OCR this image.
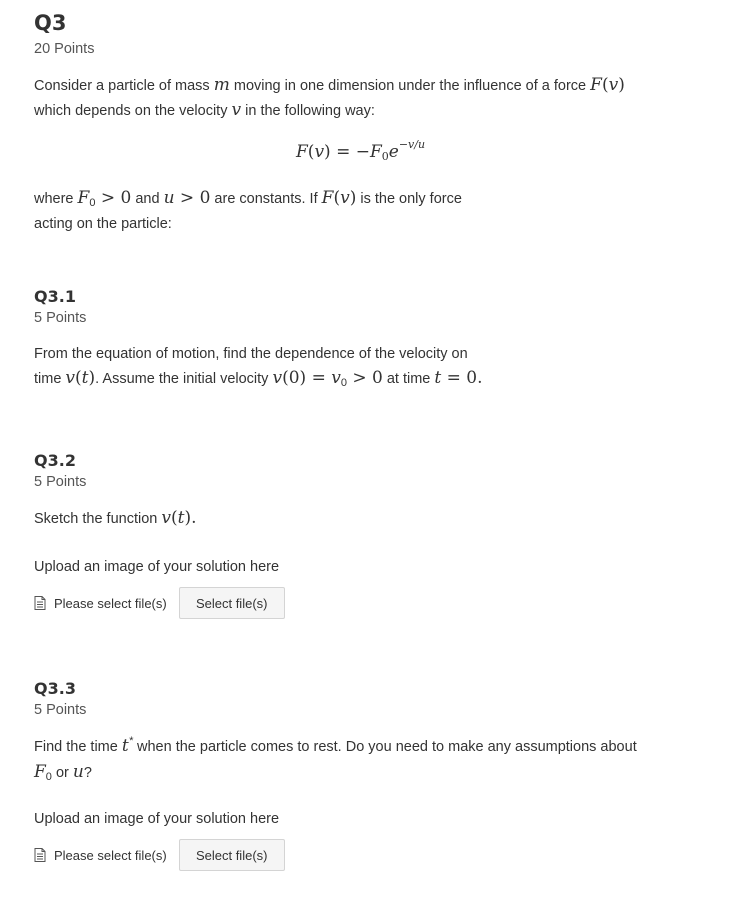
Q3
20 Points
Consider a particle of mass m moving in one dimension under the influence of a force F(v)
which depends on the velocity v in the following way:
$F(v) = -F_0e^{-v/u}$
where $F_0 > 0$ and u > 0 are constants. If F(v) is the only force
acting on the particle:
Q3.1
5 Points
From the equation of motion, find the dependence of the velocity on
time v(t). Assume the initial velocity $v(0) = v_0 > 0$ at time t = 0.
Q3.2
5 Points
Sketch the function v(t).
Upload an image of your solution here
Please select file(s)	Select file(s)
Q3.3
5 Points
Find the time t* when the particle comes to rest. Do you need to make any assumptions about
$F_0$ or u?
Upload an image of your solution here
Please select file(s)	Select file(s)
